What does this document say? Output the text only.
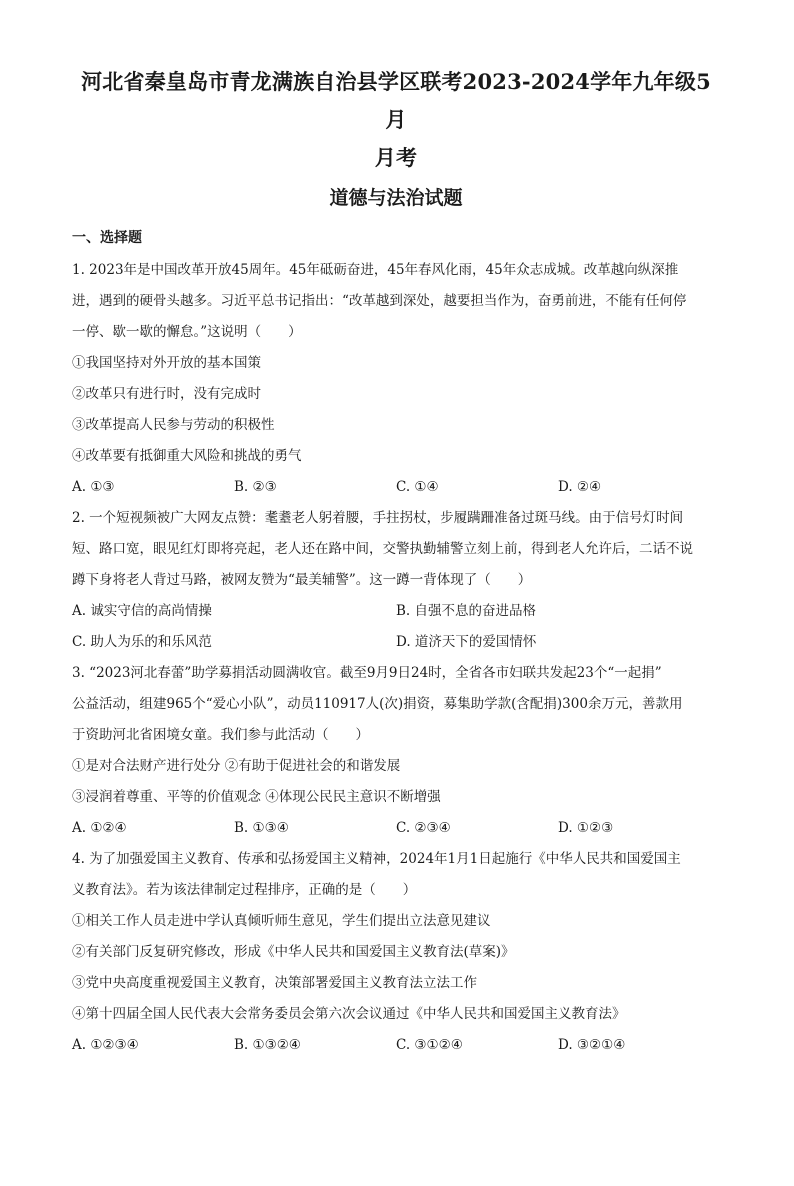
河北省秦皇岛市青龙满族自治县学区联考2023-2024学年九年级5月
月考
道德与法治试题
一、选择题
1. 2023年是中国改革开放45周年。45年砥砺奋进，45年春风化雨，45年众志成城。改革越向纵深推
进，遇到的硬骨头越多。习近平总书记指出：“改革越到深处，越要担当作为，奋勇前进，不能有任何停
一停、歇一歇的懈怠。”这说明（　　）
①我国坚持对外开放的基本国策
②改革只有进行时，没有完成时
③改革提高人民参与劳动的积极性
④改革要有抵御重大风险和挑战的勇气
A. ①③	B. ②③	C. ①④	D. ②④
2. 一个短视频被广大网友点赞：耄耋老人躬着腰，手拄拐杖，步履蹒跚准备过斑马线。由于信号灯时间
短、路口宽，眼见红灯即将亮起，老人还在路中间，交警执勤辅警立刻上前，得到老人允许后，二话不说
蹲下身将老人背过马路，被网友赞为“最美辅警”。这一蹲一背体现了（　　）
A. 诚实守信的高尚情操	B. 自强不息的奋进品格
C. 助人为乐的和乐风范	D. 道济天下的爱国情怀
3. “2023河北春蕾”助学募捐活动圆满收官。截至9月9日24时，全省各市妇联共发起23个“一起捐”
公益活动，组建965个“爱心小队”，动员110917人(次)捐资，募集助学款(含配捐)300余万元，善款用
于资助河北省困境女童。我们参与此活动（　　）
①是对合法财产进行处分 ②有助于促进社会的和谐发展
③浸润着尊重、平等的价值观念 ④体现公民民主意识不断增强
A. ①②④	B. ①③④	C. ②③④	D. ①②③
4. 为了加强爱国主义教育、传承和弘扬爱国主义精神，2024年1月1日起施行《中华人民共和国爱国主
义教育法》。若为该法律制定过程排序，正确的是（　　）
①相关工作人员走进中学认真倾听师生意见，学生们提出立法意见建议
②有关部门反复研究修改，形成《中华人民共和国爱国主义教育法(草案)》
③党中央高度重视爱国主义教育，决策部署爱国主义教育法立法工作
④第十四届全国人民代表大会常务委员会第六次会议通过《中华人民共和国爱国主义教育法》
A. ①②③④	B. ①③②④	C. ③①②④	D. ③②①④
